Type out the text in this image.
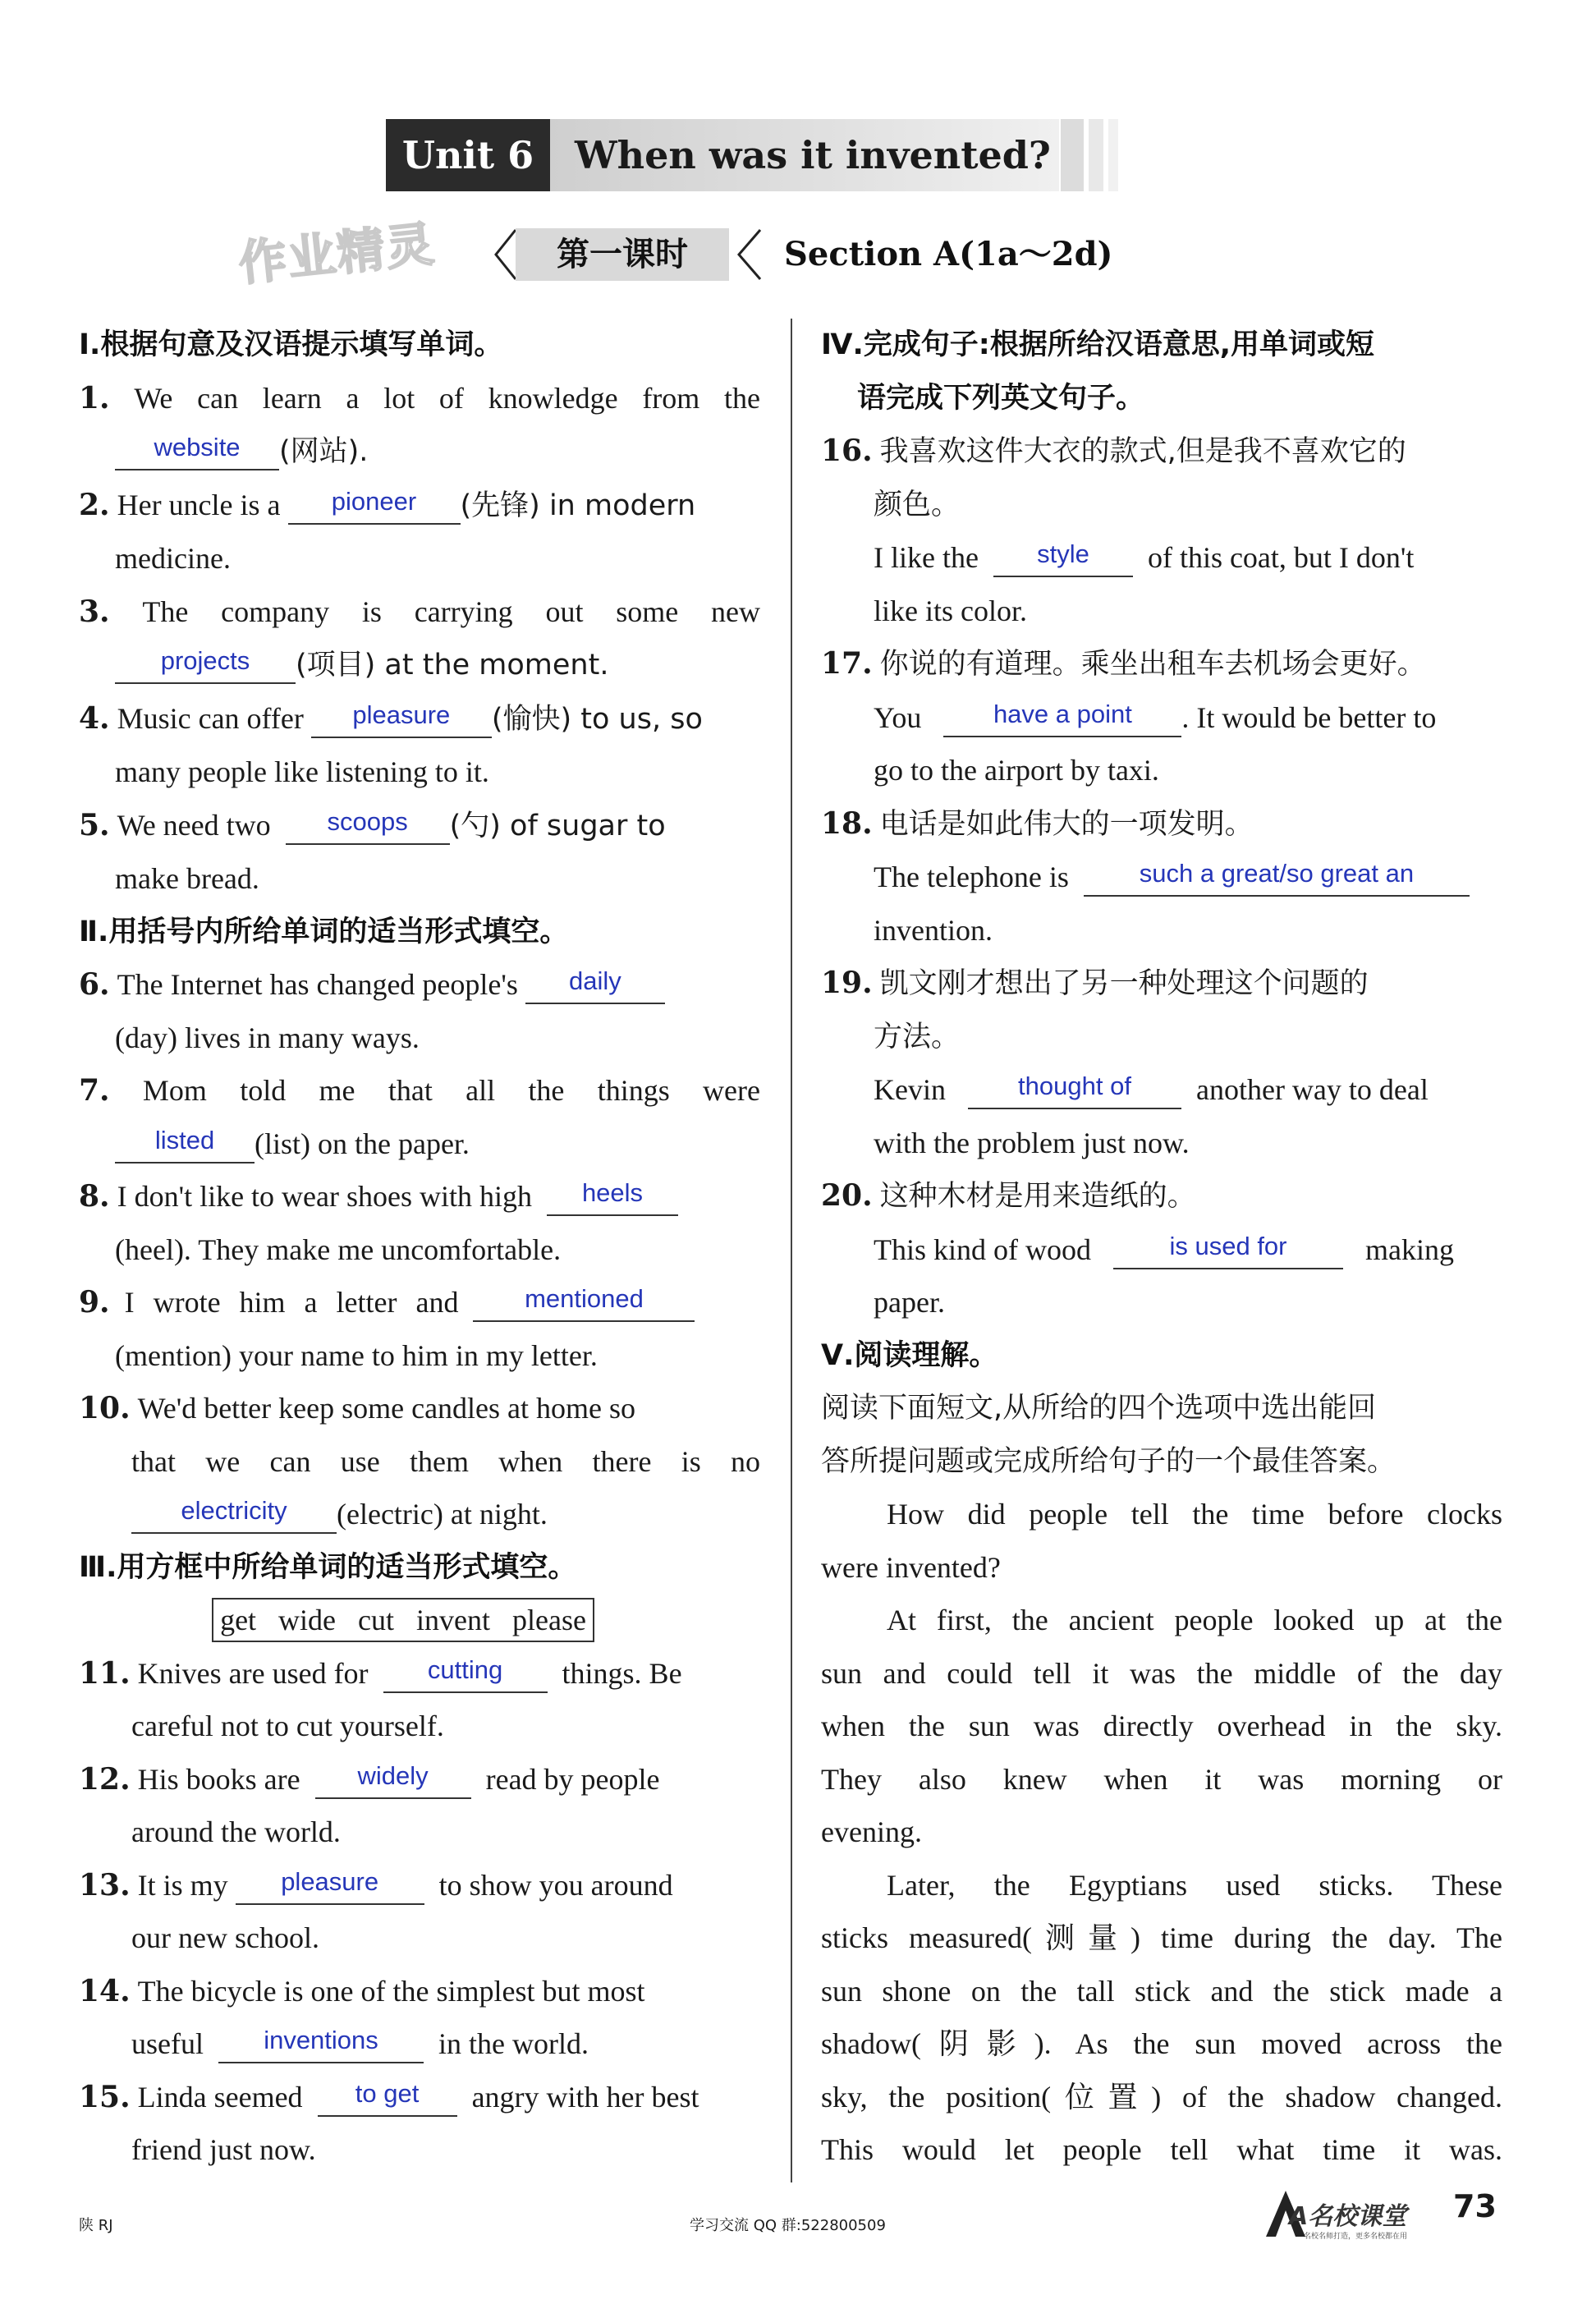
Unit 6	When was it invented?
作业精灵	第一课时	Section A(1a～2d)
Ⅰ.根据句意及汉语提示填写单词。
1. We can learn a lot of knowledge from the
website (网站).
2. Her uncle is a pioneer (先锋) in modern
medicine.
3. The company is carrying out some new
projects (项目) at the moment.
4. Music can offer pleasure (愉快) to us, so
many people like listening to it.
5. We need two scoops (勺) of sugar to
make bread.
Ⅱ.用括号内所给单词的适当形式填空。
6. The Internet has changed people's daily
(day) lives in many ways.
7. Mom told me that all the things were
listed (list) on the paper.
8. I don't like to wear shoes with high heels
(heel). They make me uncomfortable.
9. I wrote him a letter and	mentioned
(mention) your name to him in my letter.
10. We'd better keep some candles at home so
that we can use them when there is no
electricity (electric) at night.
Ⅲ.用方框中所给单词的适当形式填空。
get   wide   cut   invent   please
11. Knives are used for cutting things. Be
careful not to cut yourself.
12. His books are widely read by people
around the world.
13. It is my pleasure to show you around
our new school.
14. The bicycle is one of the simplest but most
useful inventions in the world.
15. Linda seemed to get angry with her best
friend just now.
Ⅳ.完成句子:根据所给汉语意思,用单词或短
语完成下列英文句子。
16. 我喜欢这件大衣的款式,但是我不喜欢它的
颜色。
I like the style of this coat, but I don't
like its color.
17. 你说的有道理。乘坐出租车去机场会更好。
You	have a point . It would be better to
go to the airport by taxi.
18. 电话是如此伟大的一项发明。
The telephone is	such a great/so great an
invention.
19. 凯文刚才想出了另一种处理这个问题的
方法。
Kevin	thought of another way to deal
with the problem just now.
20. 这种木材是用来造纸的。
This kind of wood	is used for	making
paper.
Ⅴ.阅读理解。
阅读下面短文,从所给的四个选项中选出能回
答所提问题或完成所给句子的一个最佳答案。
How did people tell the time before clocks
were invented?
At first, the ancient people looked up at the
sun and could tell it was the middle of the day
when the sun was directly overhead in the sky.
They also knew when it was morning or
evening.
Later, the Egyptians used sticks. These
sticks measured(测量) time during the day. The
sun shone on the tall stick and the stick made a
shadow(阴影). As the sun moved across the
sky, the position(位置) of the shadow changed.
This would let people tell what time it was.
陕 RJ	学习交流 QQ 群:522800509	A名校课堂
名校名师打造，更多名校都在用
73
